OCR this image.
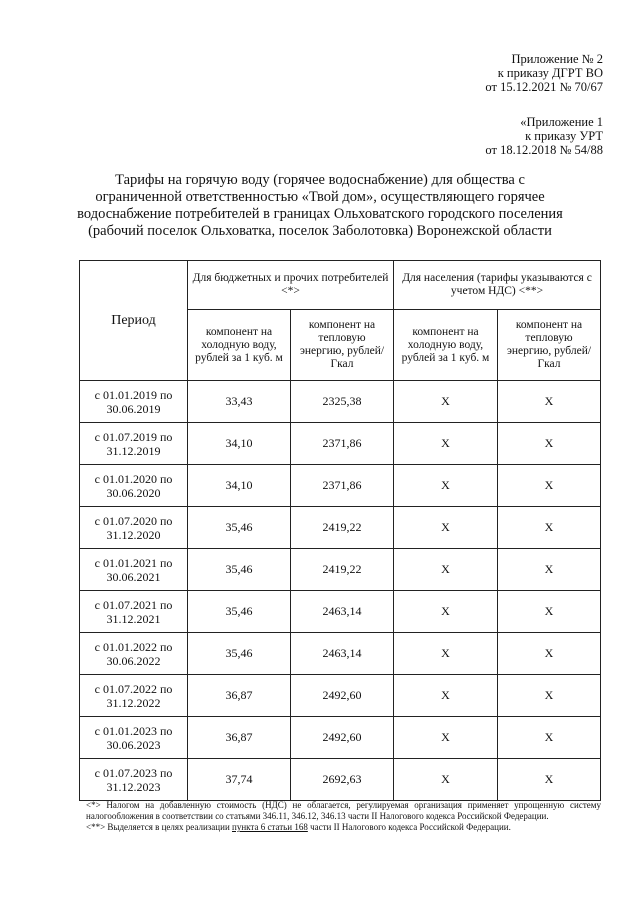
Приложение № 2
к приказу ДГРТ ВО
от 15.12.2021 № 70/67
«Приложение 1
к приказу УРТ
от 18.12.2018 № 54/88
Тарифы на горячую воду (горячее водоснабжение) для общества с
ограниченной ответственностью «Твой дом», осуществляющего горячее
водоснабжение потребителей в границах Ольховатского городского поселения
(рабочий поселок Ольховатка, поселок Заболотовка) Воронежской области
Период	Для бюджетных и прочих потребителей <*>		Для населения (тарифы указываются с учетом НДС) <**>	
	компонент на холодную воду, рублей за 1 куб. м	компонент на тепловую энергию, рублей/Гкал	компонент на холодную воду, рублей за 1 куб. м	компонент на тепловую энергию, рублей/Гкал
с 01.01.2019 по 30.06.2019	33,43	2325,38	Х	Х
с 01.07.2019 по 31.12.2019	34,10	2371,86	Х	Х
с 01.01.2020 по 30.06.2020	34,10	2371,86	Х	Х
с 01.07.2020 по 31.12.2020	35,46	2419,22	Х	Х
с 01.01.2021 по 30.06.2021	35,46	2419,22	Х	Х
с 01.07.2021 по 31.12.2021	35,46	2463,14	Х	Х
с 01.01.2022 по 30.06.2022	35,46	2463,14	Х	Х
с 01.07.2022 по 31.12.2022	36,87	2492,60	Х	Х
с 01.01.2023 по 30.06.2023	36,87	2492,60	Х	Х
с 01.07.2023 по 31.12.2023	37,74	2692,63	Х	Х

<*> Налогом на добавленную стоимость (НДС) не облагается, регулируемая организация применяет упрощенную систему налогообложения в соответствии со статьями 346.11, 346.12, 346.13 части II Налогового кодекса Российской Федерации.

<**> Выделяется в целях реализации пункта 6 статьи 168 части II Налогового кодекса Российской Федерации.
